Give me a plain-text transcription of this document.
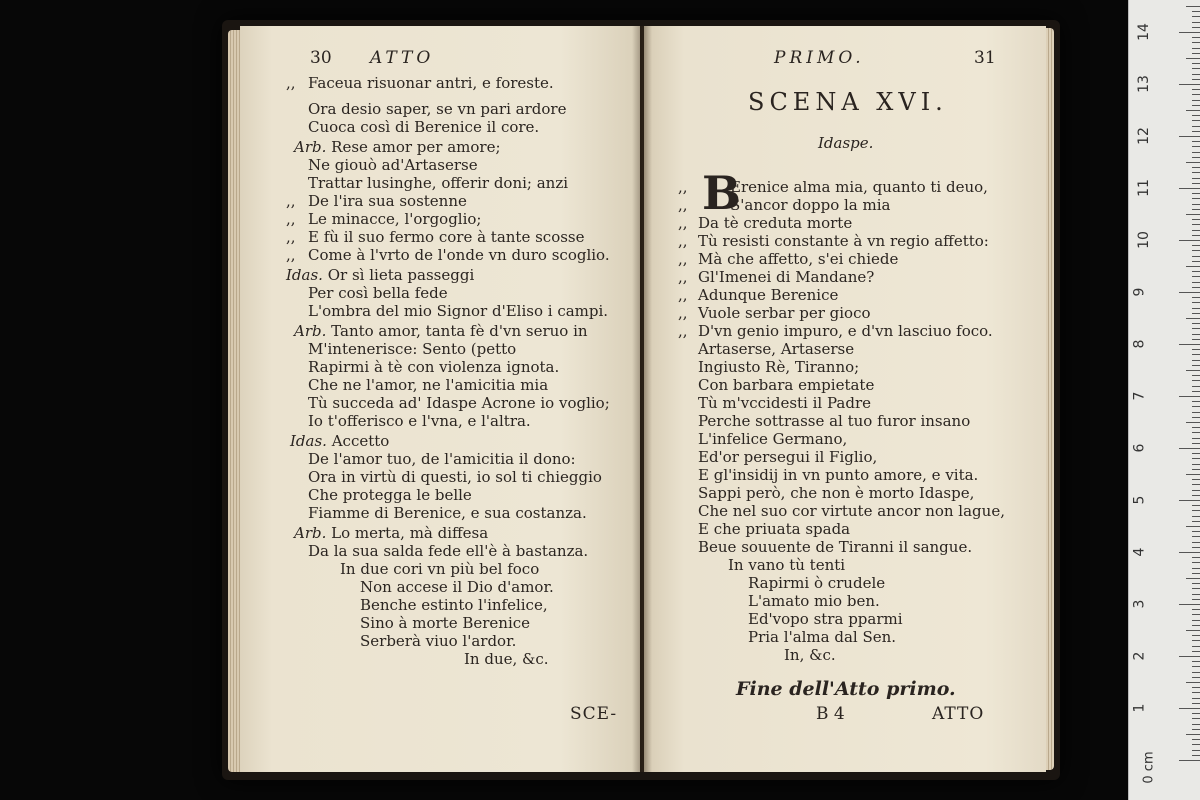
30 ATTO
,, Faceua risuonar antri, e foreste.
Ora desio saper, se vn pari ardore
Cuoca così di Berenice il core.
Arb. Rese amor per amore;
Ne giouò ad'Artaserse
Trattar lusinghe, offerir doni; anzi
,, De l'ira sua sostenne
,, Le minacce, l'orgoglio;
,, E fù il suo fermo core à tante scosse
,, Come à l'vrto de l'onde vn duro scoglio.
Idas. Or sì lieta passeggi
Per così bella fede
L'ombra del mio Signor d'Eliso i campi.
Arb. Tanto amor, tanta fè d'vn seruo in
M'intenerisce: Sento (petto
Rapirmi à tè con violenza ignota.
Che ne l'amor, ne l'amicitia mia
Tù succeda ad' Idaspe Acrone io voglio;
Io t'offerisco e l'vna, e l'altra.
Idas. Accetto
De l'amor tuo, de l'amicitia il dono:
Ora in virtù di questi, io sol ti chieggio
Che protegga le belle
Fiamme di Berenice, e sua costanza.
Arb. Lo merta, mà diffesa
Da la sua salda fede ell'è à bastanza.
In due cori vn più bel foco
Non accese il Dio d'amor.
Benche estinto l'infelice,
Sino à morte Berenice
Serberà viuo l'ardor.
In due, &c.
SCE-
PRIMO.	31
SCENA XVI.
Idaspe.
B
,,	Erenice alma mia, quanto ti deuo,
,,	S'ancor doppo la mia
,, Da tè creduta morte
,, Tù resisti constante à vn regio affetto:
,, Mà che affetto, s'ei chiede
,, Gl'Imenei di Mandane?
,, Adunque Berenice
,, Vuole serbar per gioco
,, D'vn genio impuro, e d'vn lasciuo foco.
Artaserse, Artaserse
Ingiusto Rè, Tiranno;
Con barbara empietate
Tù m'vccidesti il Padre
Perche sottrasse al tuo furor insano
L'infelice Germano,
Ed'or persegui il Figlio,
E gl'insidij in vn punto amore, e vita.
Sappi però, che non è morto Idaspe,
Che nel suo cor virtute ancor non lague,
E che priuata spada
Beue souuente de Tiranni il sangue.
In vano tù tenti
Rapirmi ò crudele
L'amato mio ben.
Ed'vopo stra pparmi
Pria l'alma dal Sen.
In, &c.
Fine dell'Atto primo.
B 4	ATTO
0 cm
1
2
3
4
5
6
7
8
9
10
11
12
13
14
